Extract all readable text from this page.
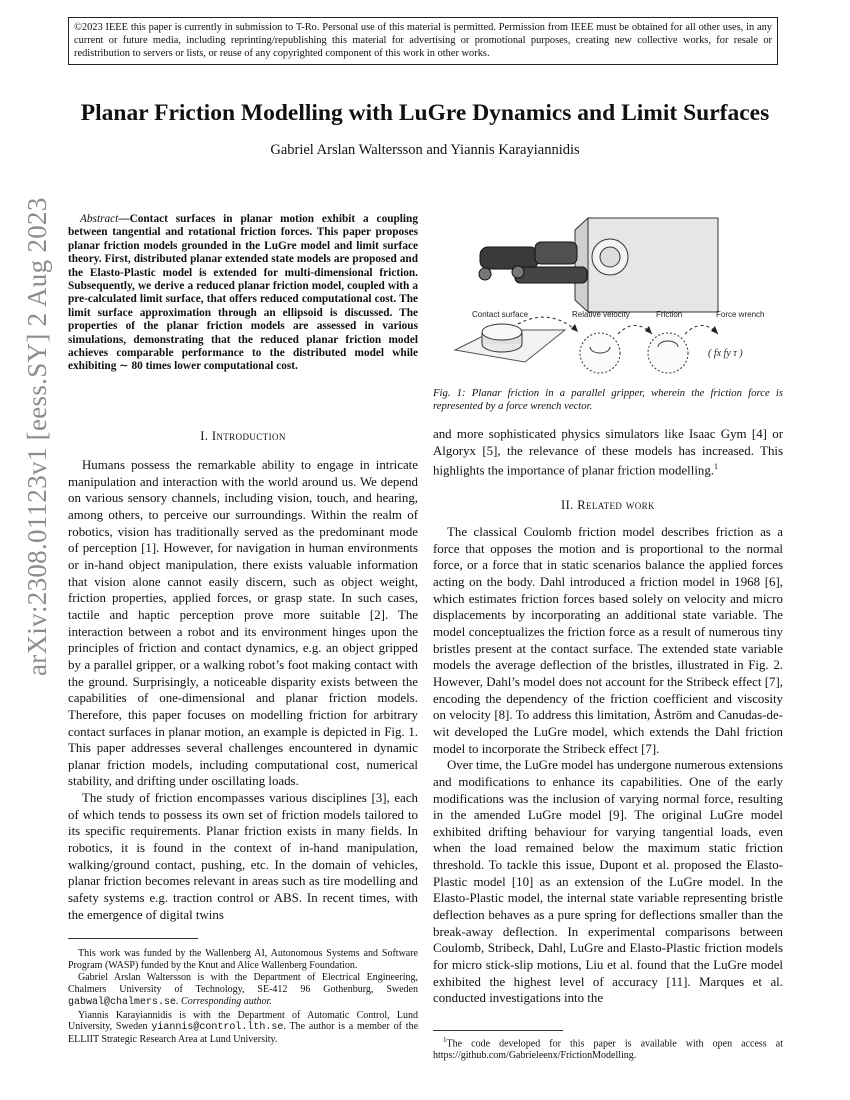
©2023 IEEE this paper is currently in submission to T-Ro. Personal use of this material is permitted. Permission from IEEE must be obtained for all other uses, in any current or future media, including reprinting/republishing this material for advertising or promotional purposes, creating new collective works, for resale or redistribution to servers or lists, or reuse of any copyrighted component of this work in other works.
arXiv:2308.01123v1 [eess.SY] 2 Aug 2023
Planar Friction Modelling with LuGre Dynamics and Limit Surfaces
Gabriel Arslan Waltersson and Yiannis Karayiannidis
Abstract—Contact surfaces in planar motion exhibit a coupling between tangential and rotational friction forces. This paper proposes planar friction models grounded in the LuGre model and limit surface theory. First, distributed planar extended state models are proposed and the Elasto-Plastic model is extended for multi-dimensional friction. Subsequently, we derive a reduced planar friction model, coupled with a pre-calculated limit surface, that offers reduced computational cost. The limit surface approximation through an ellipsoid is discussed. The properties of the planar friction models are assessed in various simulations, demonstrating that the reduced planar friction model achieves comparable performance to the distributed model while exhibiting ∼ 80 times lower computational cost.
I. Introduction

Humans possess the remarkable ability to engage in intricate manipulation and interaction with the world around us. We depend on various sensory channels, including vision, touch, and hearing, among others, to perceive our surroundings. Within the realm of robotics, vision has traditionally served as the predominant mode of perception [1]. However, for navigation in human environments or in-hand object manipulation, there exists valuable information that vision alone cannot easily discern, such as object weight, friction properties, applied forces, or grasp state. In such cases, tactile and haptic perception prove more suitable [2]. The interaction between a robot and its environment hinges upon the principles of friction and contact dynamics, e.g. an object gripped by a parallel gripper, or a walking robot’s foot making contact with the ground. Surprisingly, a noticeable disparity exists between the capabilities of one-dimensional and planar friction models. Therefore, this paper focuses on modelling friction for arbitrary contact surfaces in planar motion, an example is depicted in Fig. 1. This paper addresses several challenges encountered in dynamic planar friction models, including computational cost, numerical stability, and drifting under oscillating loads.

The study of friction encompasses various disciplines [3], each of which tends to possess its own set of friction models tailored to its specific requirements. Planar friction exists in many fields. In robotics, it is found in the context of in-hand manipulation, walking/ground contact, pushing, etc. In the domain of vehicles, planar friction becomes relevant in areas such as tire modelling and safety systems e.g. traction control or ABS. In recent times, with the emergence of digital twins

This work was funded by the Wallenberg AI, Autonomous Systems and Software Program (WASP) funded by the Knut and Alice Wallenberg Foundation.

Gabriel Arslan Waltersson is with the Department of Electrical Engineering, Chalmers University of Technology, SE-412 96 Gothenburg, Sweden gabwal@chalmers.se. Corresponding author.

Yiannis Karayiannidis is with the Department of Automatic Control, Lund University, Sweden yiannis@control.lth.se. The author is a member of the ELLIIT Strategic Research Area at Lund University.

Contact surface	Relative velocity	Friction	Force wrench
( fx fy τ )
Fig. 1: Planar friction in a parallel gripper, wherein the friction force is represented by a force wrench vector.

and more sophisticated physics simulators like Isaac Gym [4] or Algoryx [5], the relevance of these models has increased. This highlights the importance of planar friction modelling.$^1$

II. Related work

The classical Coulomb friction model describes friction as a force that opposes the motion and is proportional to the normal force, or a force that in static scenarios balance the applied forces acting on the body. Dahl introduced a friction model in 1968 [6], which estimates friction forces based solely on velocity and micro displacements by incorporating an additional state variable. The model conceptualizes the friction force as a result of numerous tiny bristles present at the contact surface. The extended state variable models the average deflection of the bristles, illustrated in Fig. 2. However, Dahl’s model does not account for the Stribeck effect [7], encoding the dependency of the friction coefficient and viscosity on velocity [8]. To address this limitation, Åström and Canudas-de-wit developed the LuGre model, which extends the Dahl friction model to incorporate the Stribeck effect [7].

Over time, the LuGre model has undergone numerous extensions and modifications to enhance its capabilities. One of the early modifications was the inclusion of varying normal force, resulting in the amended LuGre model [9]. The original LuGre model exhibited drifting behaviour for varying tangential loads, even when the load remained below the maximum static friction threshold. To tackle this issue, Dupont et al. proposed the Elasto-Plastic model [10] as an extension of the LuGre model. In the Elasto-Plastic model, the internal state variable representing bristle deflection behaves as a pure spring for deflections smaller than the break-away deflection. In experimental comparisons between Coulomb, Stribeck, Dahl, LuGre and Elasto-Plastic friction models for micro stick-slip motions, Liu et al. found that the LuGre model exhibited the highest level of accuracy [11]. Marques et al. conducted investigations into the

$^1$The code developed for this paper is available with open access at https://github.com/Gabrieleenx/FrictionModelling.
